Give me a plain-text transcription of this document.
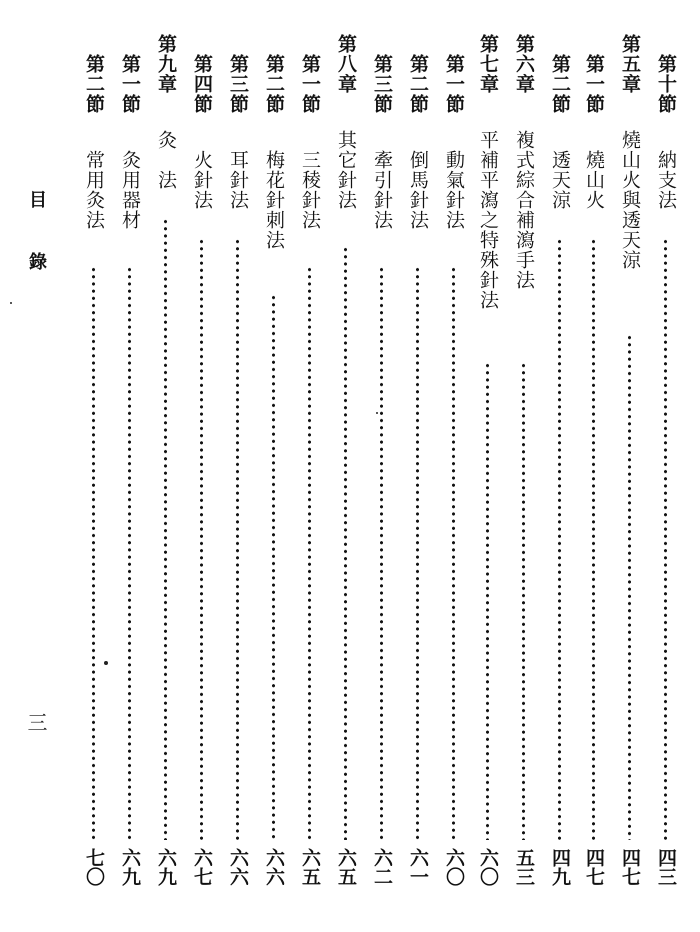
第十節
納支法
四三
第五章
燒山火與透天涼
四七
第一節
燒山火
四七
第二節
透天涼
四九
第六章
複式綜合補瀉手法
五三
第七章
平補平瀉之特殊針法
六〇
第一節
動氣針法
六〇
第二節
倒馬針法
六一
第三節
牽引針法
六二
第八章
其它針法
六五
第一節
三稜針法
六五
第二節
梅花針刺法
六六
第三節
耳針法
六六
第四節
火針法
六七
第九章
灸　法
六九
第一節
灸用器材
六九
第二節
常用灸法
七〇
目錄
三
